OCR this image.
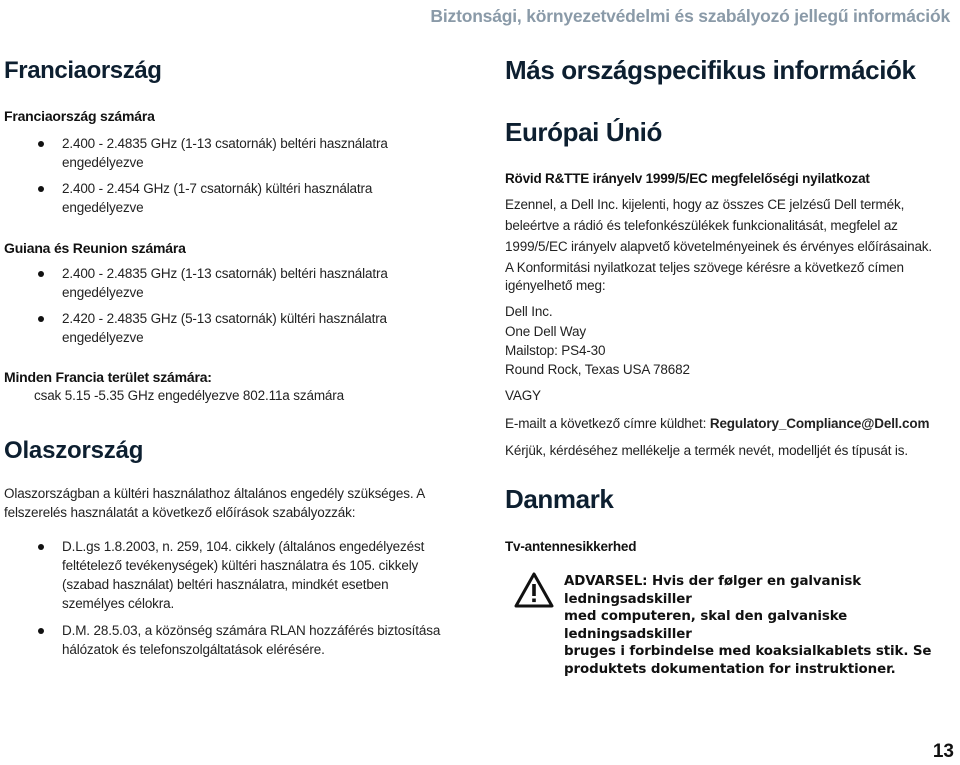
Biztonsági, környezetvédelmi és szabályozó jellegű információk
Franciaország
Franciaország számára
2.400 - 2.4835 GHz (1-13 csatornák) beltéri használatra
engedélyezve
2.400 - 2.454 GHz (1-7 csatornák) kültéri használatra
engedélyezve
Guiana és Reunion számára
2.400 - 2.4835 GHz (1-13 csatornák) beltéri használatra
engedélyezve
2.420 - 2.4835 GHz (5-13 csatornák) kültéri használatra
engedélyezve
Minden Francia terület számára:
csak 5.15 -5.35 GHz engedélyezve 802.11a számára
Olaszország
Olaszországban a kültéri használathoz általános engedély szükséges. A
felszerelés használatát a következő előírások szabályozzák:
D.L.gs 1.8.2003, n. 259, 104. cikkely (általános engedélyezést
feltételező tevékenységek) kültéri használatra és 105. cikkely
(szabad használat) beltéri használatra, mindkét esetben
személyes célokra.
D.M. 28.5.03, a közönség számára RLAN hozzáférés biztosítása
hálózatok és telefonszolgáltatások elérésére.
Más országspecifikus információk
Európai Únió
Rövid R&TTE irányelv 1999/5/EC megfelelőségi nyilatkozat
Ezennel, a Dell Inc. kijelenti, hogy az összes CE jelzésű Dell termék,
beleértve a rádió és telefonkészülékek funkcionalitását, megfelel az
1999/5/EC irányelv alapvető követelményeinek és érvényes előírásainak.
A Konformitási nyilatkozat teljes szövege kérésre a következő címen
igényelhető meg:
Dell Inc.
One Dell Way
Mailstop: PS4-30
Round Rock, Texas USA 78682
VAGY
E-mailt a következő címre küldhet: Regulatory_Compliance@Dell.com
Kérjük, kérdéséhez mellékelje a termék nevét, modelljét és típusát is.
Danmark
Tv-antennesikkerhed
ADVARSEL: Hvis der følger en galvanisk ledningsadskiller
med computeren, skal den galvaniske ledningsadskiller
bruges i forbindelse med koaksialkablets stik. Se
produktets dokumentation for instruktioner.
13
